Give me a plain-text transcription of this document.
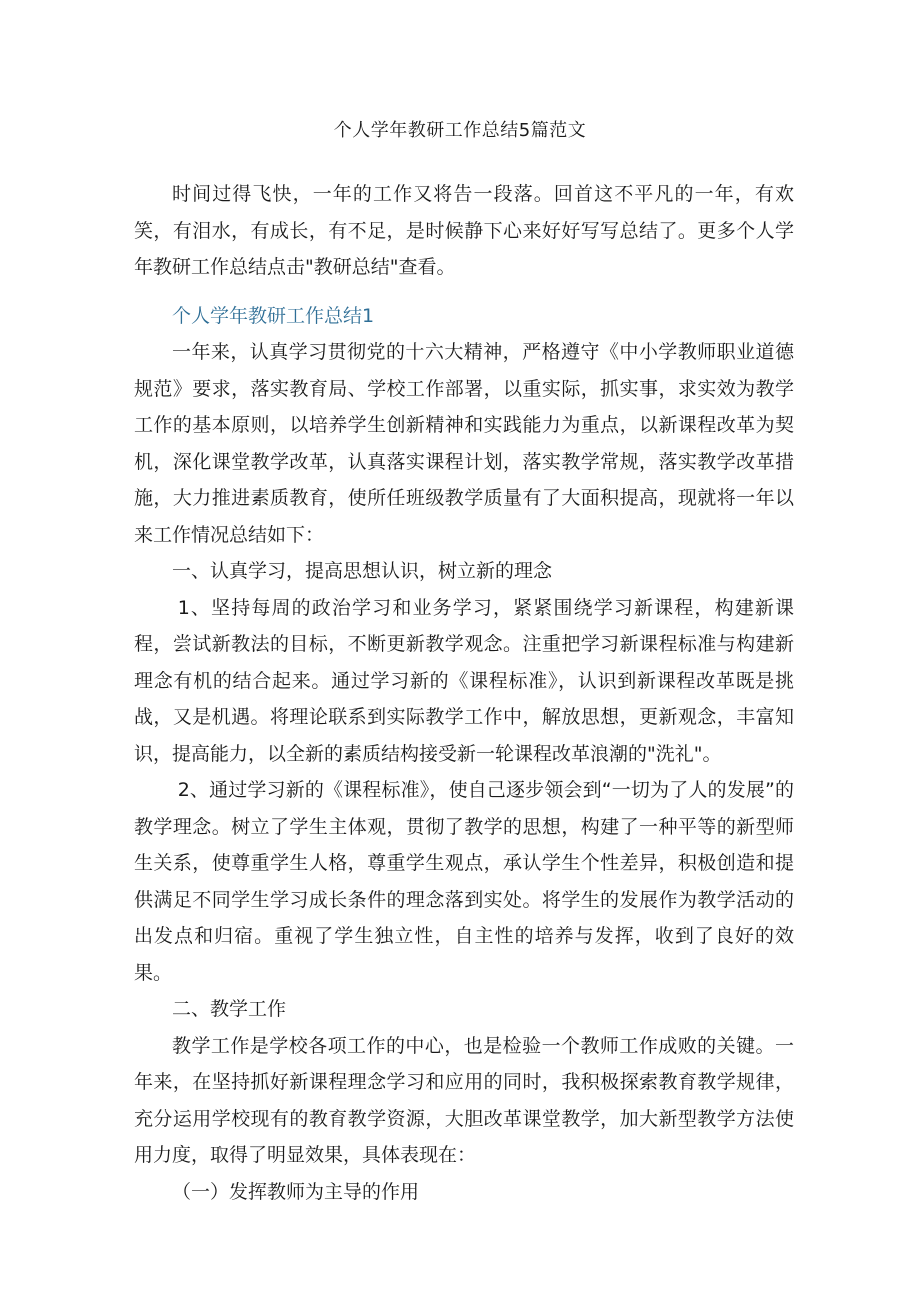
个人学年教研工作总结5篇范文

时间过得飞快，一年的工作又将告一段落。回首这不平凡的一年，有欢笑，有泪水，有成长，有不足，是时候静下心来好好写写总结了。更多个人学年教研工作总结点击"教研总结"查看。

个人学年教研工作总结1

一年来，认真学习贯彻党的十六大精神，严格遵守《中小学教师职业道德规范》要求，落实教育局、学校工作部署，以重实际，抓实事，求实效为教学工作的基本原则，以培养学生创新精神和实践能力为重点，以新课程改革为契机，深化课堂教学改革，认真落实课程计划，落实教学常规，落实教学改革措施，大力推进素质教育，使所任班级教学质量有了大面积提高，现就将一年以来工作情况总结如下：

一、认真学习，提高思想认识，树立新的理念

1、坚持每周的政治学习和业务学习，紧紧围绕学习新课程，构建新课程，尝试新教法的目标，不断更新教学观念。注重把学习新课程标准与构建新理念有机的结合起来。通过学习新的《课程标准》，认识到新课程改革既是挑战，又是机遇。将理论联系到实际教学工作中，解放思想，更新观念，丰富知识，提高能力，以全新的素质结构接受新一轮课程改革浪潮的"洗礼"。

2、通过学习新的《课程标准》，使自己逐步领会到“一切为了人的发展”的教学理念。树立了学生主体观，贯彻了教学的思想，构建了一种平等的新型师生关系，使尊重学生人格，尊重学生观点，承认学生个性差异，积极创造和提供满足不同学生学习成长条件的理念落到实处。将学生的发展作为教学活动的出发点和归宿。重视了学生独立性，自主性的培养与发挥，收到了良好的效果。

二、教学工作

教学工作是学校各项工作的中心，也是检验一个教师工作成败的关键。一年来，在坚持抓好新课程理念学习和应用的同时，我积极探索教育教学规律，充分运用学校现有的教育教学资源，大胆改革课堂教学，加大新型教学方法使用力度，取得了明显效果，具体表现在：

（一）发挥教师为主导的作用
